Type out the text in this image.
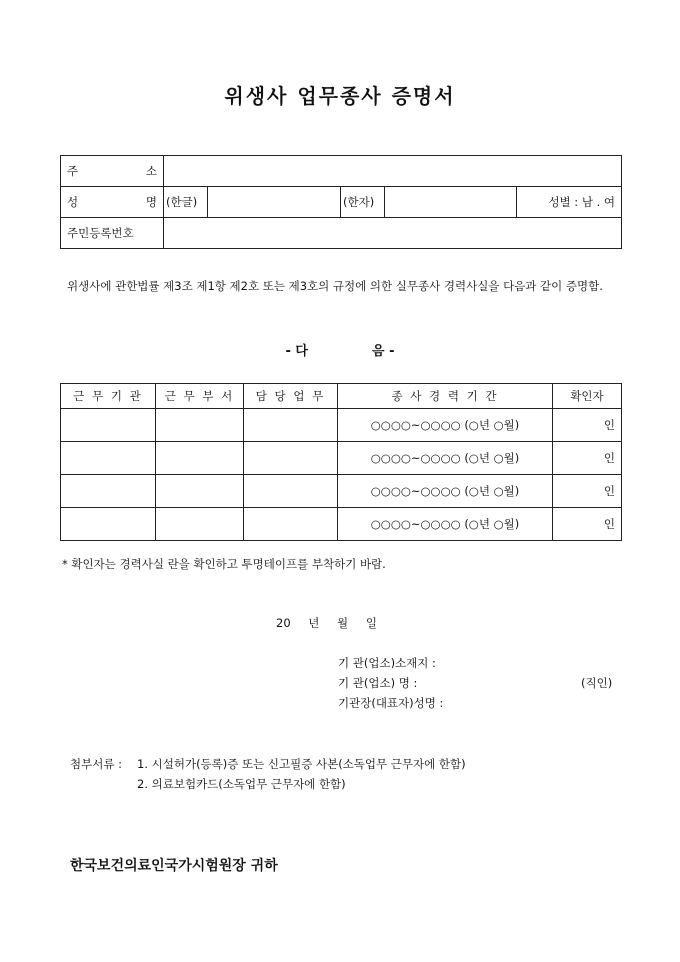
위생사 업무종사 증명서
주 소					

성 명	(한글)		(한자)		성별 : 남 . 여
주민등록번호					
위생사에 관한법률 제3조 제1항 제2호 또는 제3호의 규정에 의한 실무종사 경력사실을 다음과 같이 증명함.
- 다	음 -
근 무 기 관	근 무 부 서	담 당 업 무	종 사 경 력 기 간	확인자
			○○○○~○○○○ (○년 ○월)	인
			○○○○~○○○○ (○년 ○월)	인
			○○○○~○○○○ (○년 ○월)	인
			○○○○~○○○○ (○년 ○월)	인
* 확인자는 경력사실 란을 확인하고 투명테이프를 부착하기 바람.
20 년 월 일
기 관(업소)소재지 :
기 관(업소) 명 :	(직인)
기관장(대표자)성명 :
첨부서류 : 1. 시설허가(등록)증 또는 신고필증 사본(소독업무 근무자에 한함)
2. 의료보험카드(소독업무 근무자에 한함)
한국보건의료인국가시험원장 귀하
